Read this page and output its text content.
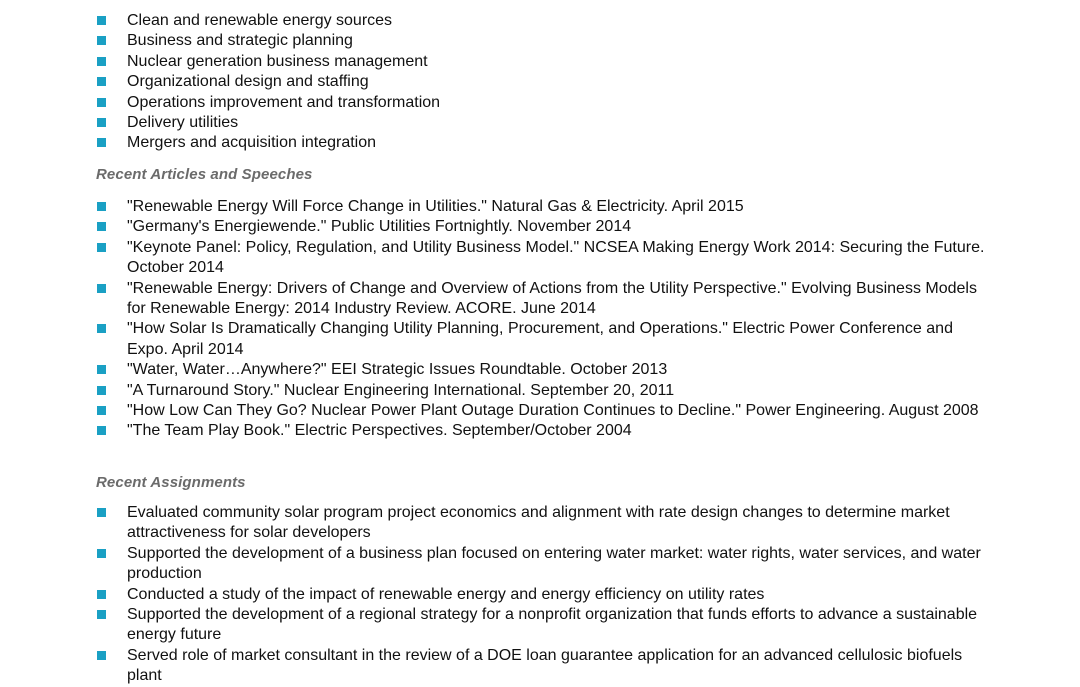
Clean and renewable energy sources
Business and strategic planning
Nuclear generation business management
Organizational design and staffing
Operations improvement and transformation
Delivery utilities
Mergers and acquisition integration
Recent Articles and Speeches
"Renewable Energy Will Force Change in Utilities." Natural Gas & Electricity. April 2015
"Germany's Energiewende." Public Utilities Fortnightly. November 2014
"Keynote Panel: Policy, Regulation, and Utility Business Model." NCSEA Making Energy Work 2014: Securing the Future. October 2014
"Renewable Energy: Drivers of Change and Overview of Actions from the Utility Perspective." Evolving Business Models for Renewable Energy: 2014 Industry Review. ACORE. June 2014
"How Solar Is Dramatically Changing Utility Planning, Procurement, and Operations." Electric Power Conference and Expo. April 2014
"Water, Water…Anywhere?" EEI Strategic Issues Roundtable. October 2013
"A Turnaround Story." Nuclear Engineering International. September 20, 2011
"How Low Can They Go? Nuclear Power Plant Outage Duration Continues to Decline." Power Engineering. August 2008
"The Team Play Book." Electric Perspectives. September/October 2004
Recent Assignments
Evaluated community solar program project economics and alignment with rate design changes to determine market attractiveness for solar developers
Supported the development of a business plan focused on entering water market: water rights, water services, and water production
Conducted a study of the impact of renewable energy and energy efficiency on utility rates
Supported the development of a regional strategy for a nonprofit organization that funds efforts to advance a sustainable energy future
Served role of market consultant in the review of a DOE loan guarantee application for an advanced cellulosic biofuels plant
